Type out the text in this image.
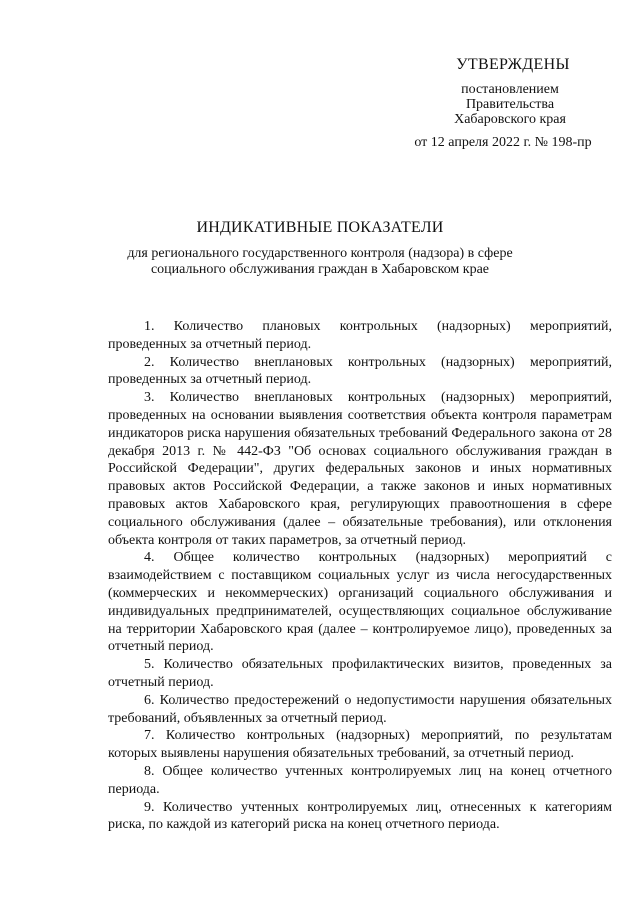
УТВЕРЖДЕНЫ
постановлением
Правительства
Хабаровского края
от 12 апреля 2022 г. № 198-пр
ИНДИКАТИВНЫЕ ПОКАЗАТЕЛИ
для регионального государственного контроля (надзора) в сфере
социального обслуживания граждан в Хабаровском крае

1. Количество плановых контрольных (надзорных) мероприятий, проведенных за отчетный период.

2. Количество внеплановых контрольных (надзорных) мероприятий, проведенных за отчетный период.

3. Количество внеплановых контрольных (надзорных) мероприятий, проведенных на основании выявления соответствия объекта контроля параметрам индикаторов риска нарушения обязательных требований Федерального закона от 28 декабря 2013 г. № 442-ФЗ "Об основах социального обслуживания граждан в Российской Федерации", других федеральных законов и иных нормативных правовых актов Российской Федерации, а также законов и иных нормативных правовых актов Хабаровского края, регулирующих правоотношения в сфере социального обслуживания (далее – обязательные требования), или отклонения объекта контроля от таких параметров, за отчетный период.

4. Общее количество контрольных (надзорных) мероприятий с взаимодействием с поставщиком социальных услуг из числа негосударственных (коммерческих и некоммерческих) организаций социального обслуживания и индивидуальных предпринимателей, осуществляющих социальное обслуживание на территории Хабаровского края (далее – контролируемое лицо), проведенных за отчетный период.

5. Количество обязательных профилактических визитов, проведенных за отчетный период.

6. Количество предостережений о недопустимости нарушения обязательных требований, объявленных за отчетный период.

7. Количество контрольных (надзорных) мероприятий, по результатам которых выявлены нарушения обязательных требований, за отчетный период.

8. Общее количество учтенных контролируемых лиц на конец отчетного периода.

9. Количество учтенных контролируемых лиц, отнесенных к категориям риска, по каждой из категорий риска на конец отчетного периода.
